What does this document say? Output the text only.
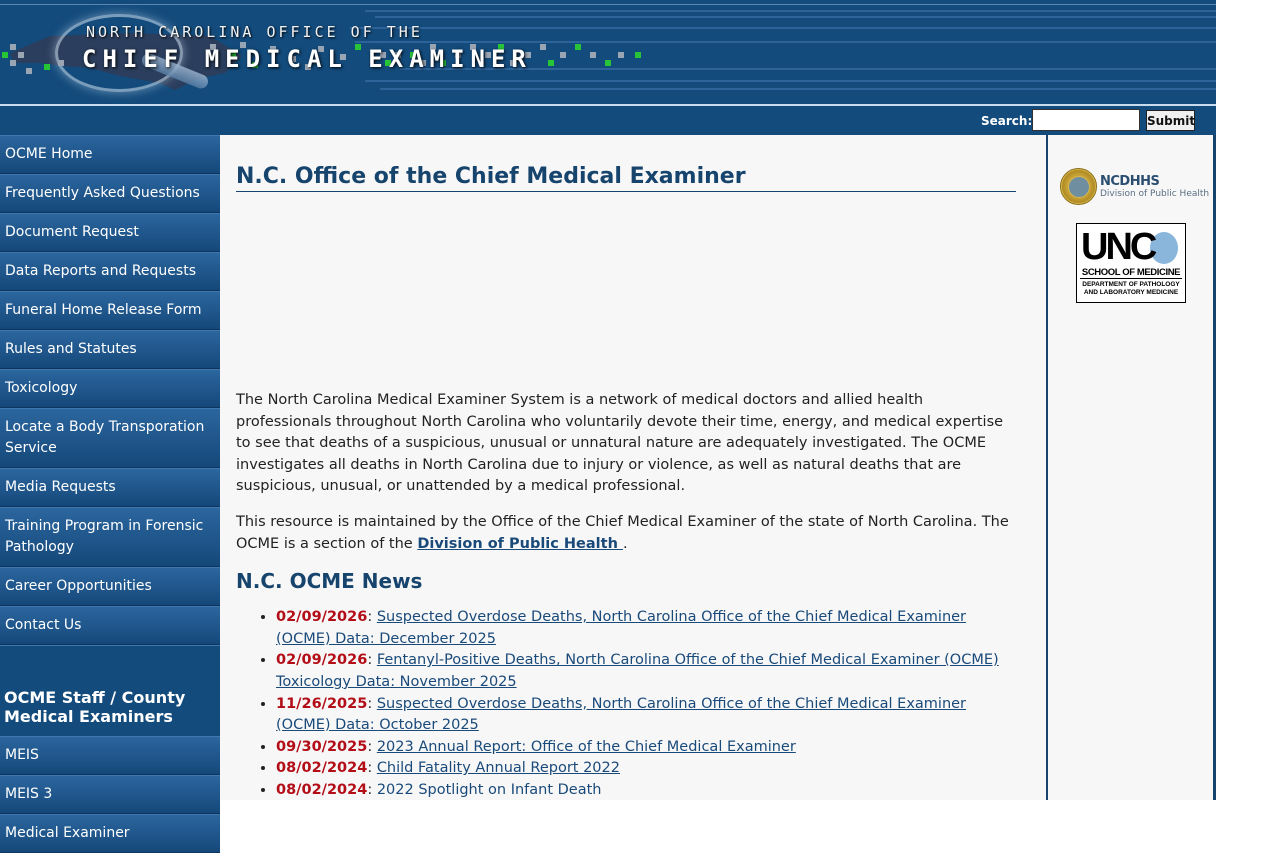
NORTH CAROLINA OFFICE OF THE
CHIEF MEDICAL EXAMINER
Search:	Submit
OCME Home
Frequently Asked Questions
Document Request
Data Reports and Requests
Funeral Home Release Form
Rules and Statutes
Toxicology
Locate a Body Transporation Service
Media Requests
Training Program in Forensic Pathology
Career Opportunities
Contact Us
OCME Staff / County Medical Examiners
MEIS
MEIS 3
Medical Examiner
N.C. Office of the Chief Medical Examiner

The North Carolina Medical Examiner System is a network of medical doctors and allied health professionals throughout North Carolina who voluntarily devote their time, energy, and medical expertise to see that deaths of a suspicious, unusual or unnatural nature are adequately investigated. The OCME investigates all deaths in North Carolina due to injury or violence, as well as natural deaths that are suspicious, unusual, or unattended by a medical professional.

This resource is maintained by the Office of the Chief Medical Examiner of the state of North Carolina. The OCME is a section of the Division of Public Health .

N.C. OCME News
• 02/09/2026: Suspected Overdose Deaths, North Carolina Office of the Chief Medical Examiner (OCME) Data: December 2025
• 02/09/2026: Fentanyl-Positive Deaths, North Carolina Office of the Chief Medical Examiner (OCME) Toxicology Data: November 2025
• 11/26/2025: Suspected Overdose Deaths, North Carolina Office of the Chief Medical Examiner (OCME) Data: October 2025
• 09/30/2025: 2023 Annual Report: Office of the Chief Medical Examiner
• 08/02/2024: Child Fatality Annual Report 2022
• 08/02/2024: 2022 Spotlight on Infant Death
NCDHHS
Division of Public Health
UNC
SCHOOL OF MEDICINE
DEPARTMENT OF PATHOLOGY
AND LABORATORY MEDICINE
